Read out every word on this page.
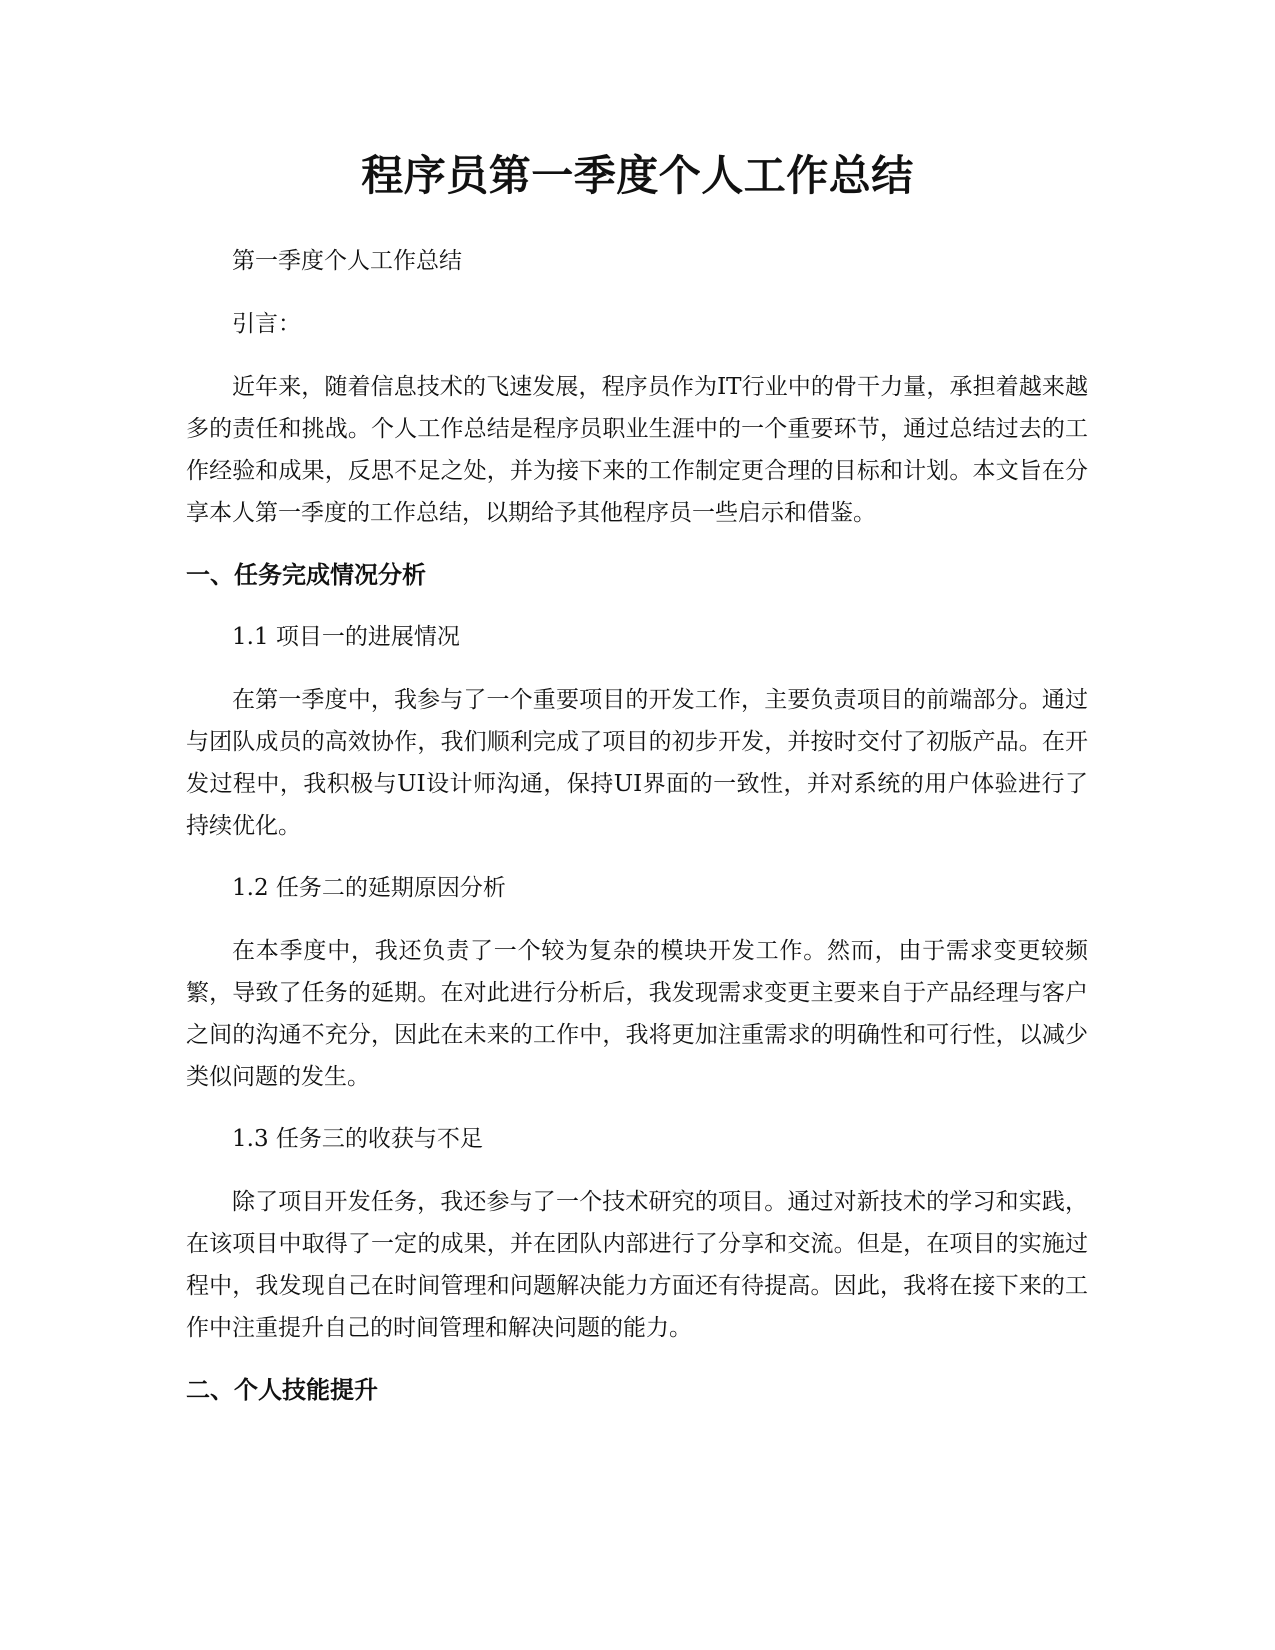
程序员第一季度个人工作总结

第一季度个人工作总结

引言：

近年来，随着信息技术的飞速发展，程序员作为IT行业中的骨干力量，承担着越来越多的责任和挑战。个人工作总结是程序员职业生涯中的一个重要环节，通过总结过去的工作经验和成果，反思不足之处，并为接下来的工作制定更合理的目标和计划。本文旨在分享本人第一季度的工作总结，以期给予其他程序员一些启示和借鉴。

一、任务完成情况分析

1.1 项目一的进展情况

在第一季度中，我参与了一个重要项目的开发工作，主要负责项目的前端部分。通过与团队成员的高效协作，我们顺利完成了项目的初步开发，并按时交付了初版产品。在开发过程中，我积极与UI设计师沟通，保持UI界面的一致性，并对系统的用户体验进行了持续优化。

1.2 任务二的延期原因分析

在本季度中，我还负责了一个较为复杂的模块开发工作。然而，由于需求变更较频繁，导致了任务的延期。在对此进行分析后，我发现需求变更主要来自于产品经理与客户之间的沟通不充分，因此在未来的工作中，我将更加注重需求的明确性和可行性，以减少类似问题的发生。

1.3 任务三的收获与不足

除了项目开发任务，我还参与了一个技术研究的项目。通过对新技术的学习和实践，在该项目中取得了一定的成果，并在团队内部进行了分享和交流。但是，在项目的实施过程中，我发现自己在时间管理和问题解决能力方面还有待提高。因此，我将在接下来的工作中注重提升自己的时间管理和解决问题的能力。

二、个人技能提升
